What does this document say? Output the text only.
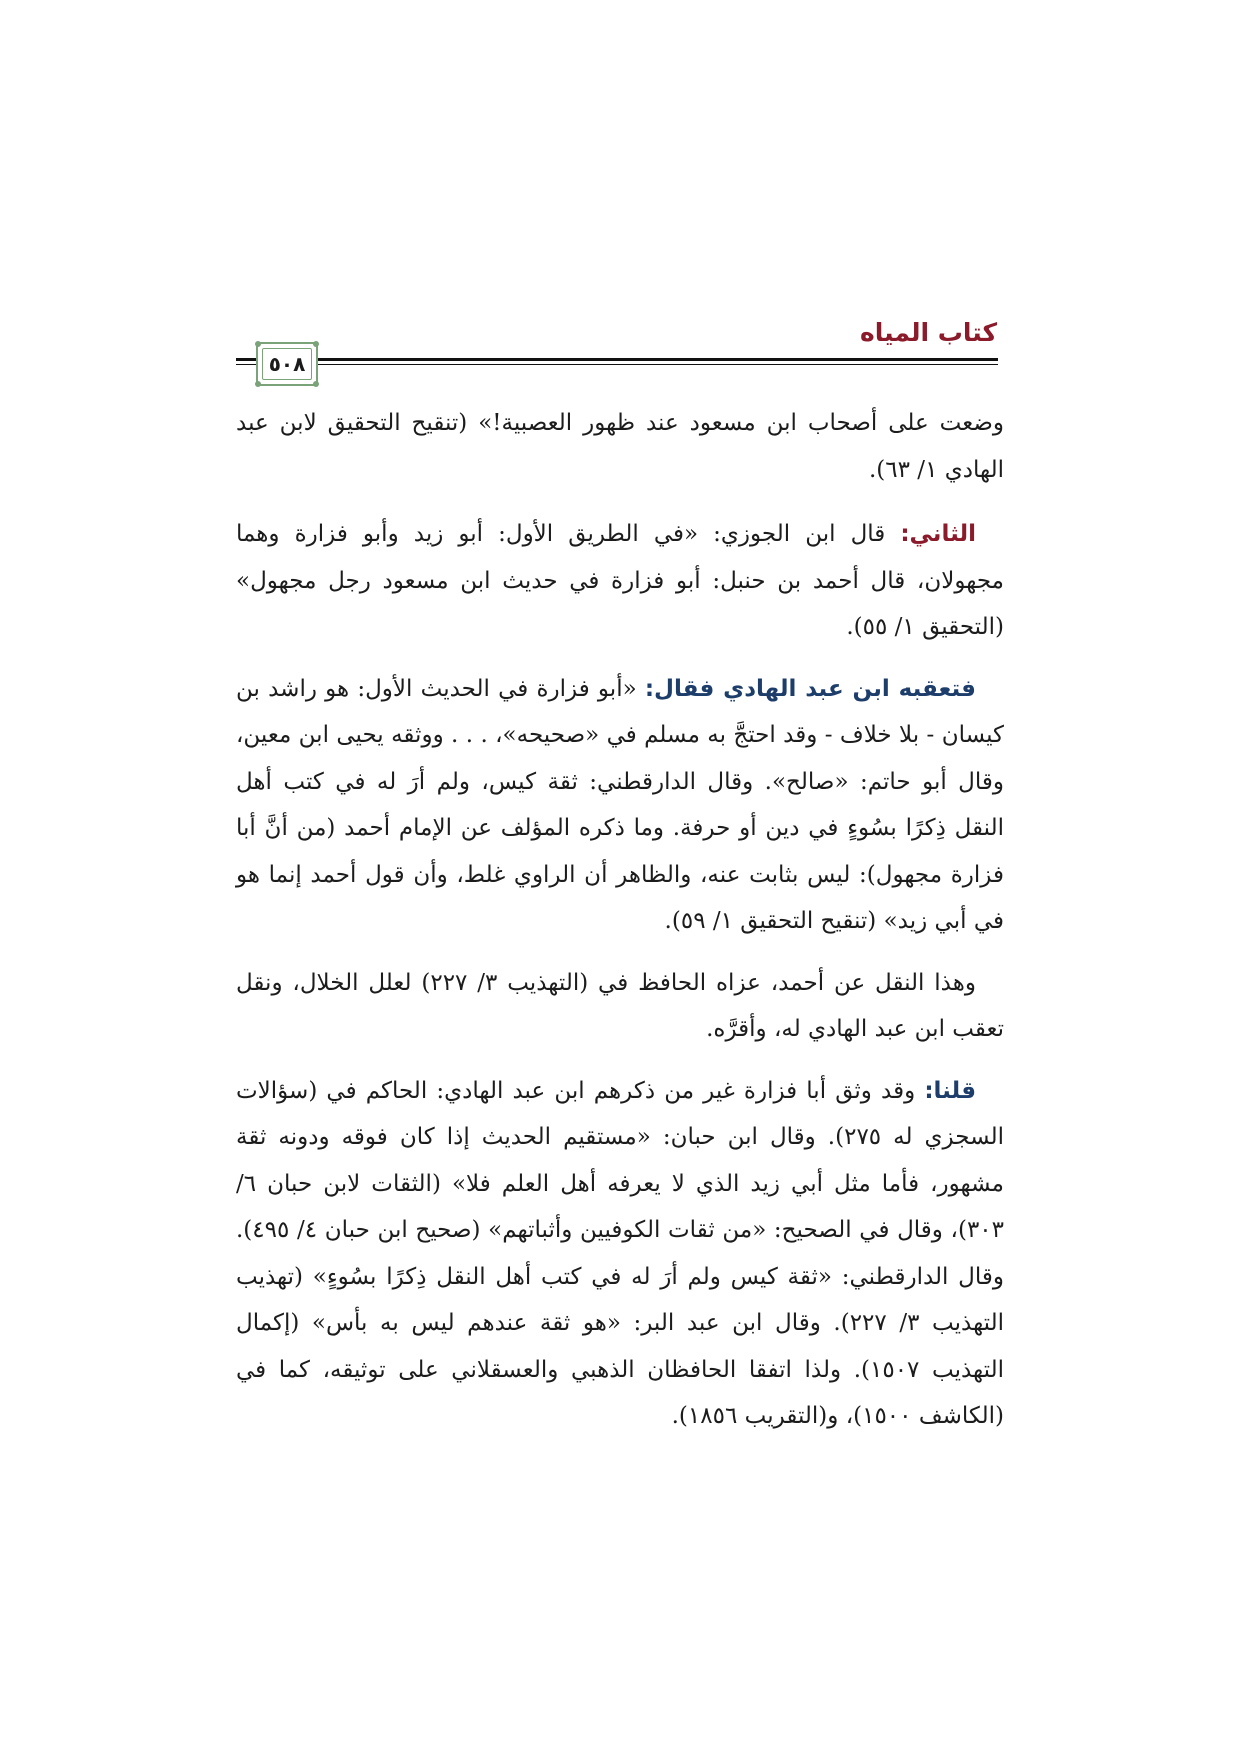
كتاب المياه
٥٠٨

وضعت على أصحاب ابن مسعود عند ظهور العصبية!» (تنقيح التحقيق لابن عبد الهادي ١/ ٦٣).

الثاني: قال ابن الجوزي: «في الطريق الأول: أبو زيد وأبو فزارة وهما مجهولان، قال أحمد بن حنبل: أبو فزارة في حديث ابن مسعود رجل مجهول» (التحقيق ١/ ٥٥).

فتعقبه ابن عبد الهادي فقال: «أبو فزارة في الحديث الأول: هو راشد بن كيسان - بلا خلاف - وقد احتجَّ به مسلم في «صحيحه»، . . . ووثقه يحيى ابن معين، وقال أبو حاتم: «صالح». وقال الدارقطني: ثقة كيس، ولم أرَ له في كتب أهل النقل ذِكرًا بسُوءٍ في دين أو حرفة. وما ذكره المؤلف عن الإمام أحمد (من أنَّ أبا فزارة مجهول): ليس بثابت عنه، والظاهر أن الراوي غلط، وأن قول أحمد إنما هو في أبي زيد» (تنقيح التحقيق ١/ ٥٩).

وهذا النقل عن أحمد، عزاه الحافظ في (التهذيب ٣/ ٢٢٧) لعلل الخلال، ونقل تعقب ابن عبد الهادي له، وأقرَّه.

قلنا: وقد وثق أبا فزارة غير من ذكرهم ابن عبد الهادي: الحاكم في (سؤالات السجزي له ٢٧٥). وقال ابن حبان: «مستقيم الحديث إذا كان فوقه ودونه ثقة مشهور، فأما مثل أبي زيد الذي لا يعرفه أهل العلم فلا» (الثقات لابن حبان ٦/ ٣٠٣)، وقال في الصحيح: «من ثقات الكوفيين وأثباتهم» (صحيح ابن حبان ٤/ ٤٩٥). وقال الدارقطني: «ثقة كيس ولم أرَ له في كتب أهل النقل ذِكرًا بسُوءٍ» (تهذيب التهذيب ٣/ ٢٢٧). وقال ابن عبد البر: «هو ثقة عندهم ليس به بأس» (إكمال التهذيب ١٥٠٧). ولذا اتفقا الحافظان الذهبي والعسقلاني على توثيقه، كما في (الكاشف ١٥٠٠)، و(التقريب ١٨٥٦).
